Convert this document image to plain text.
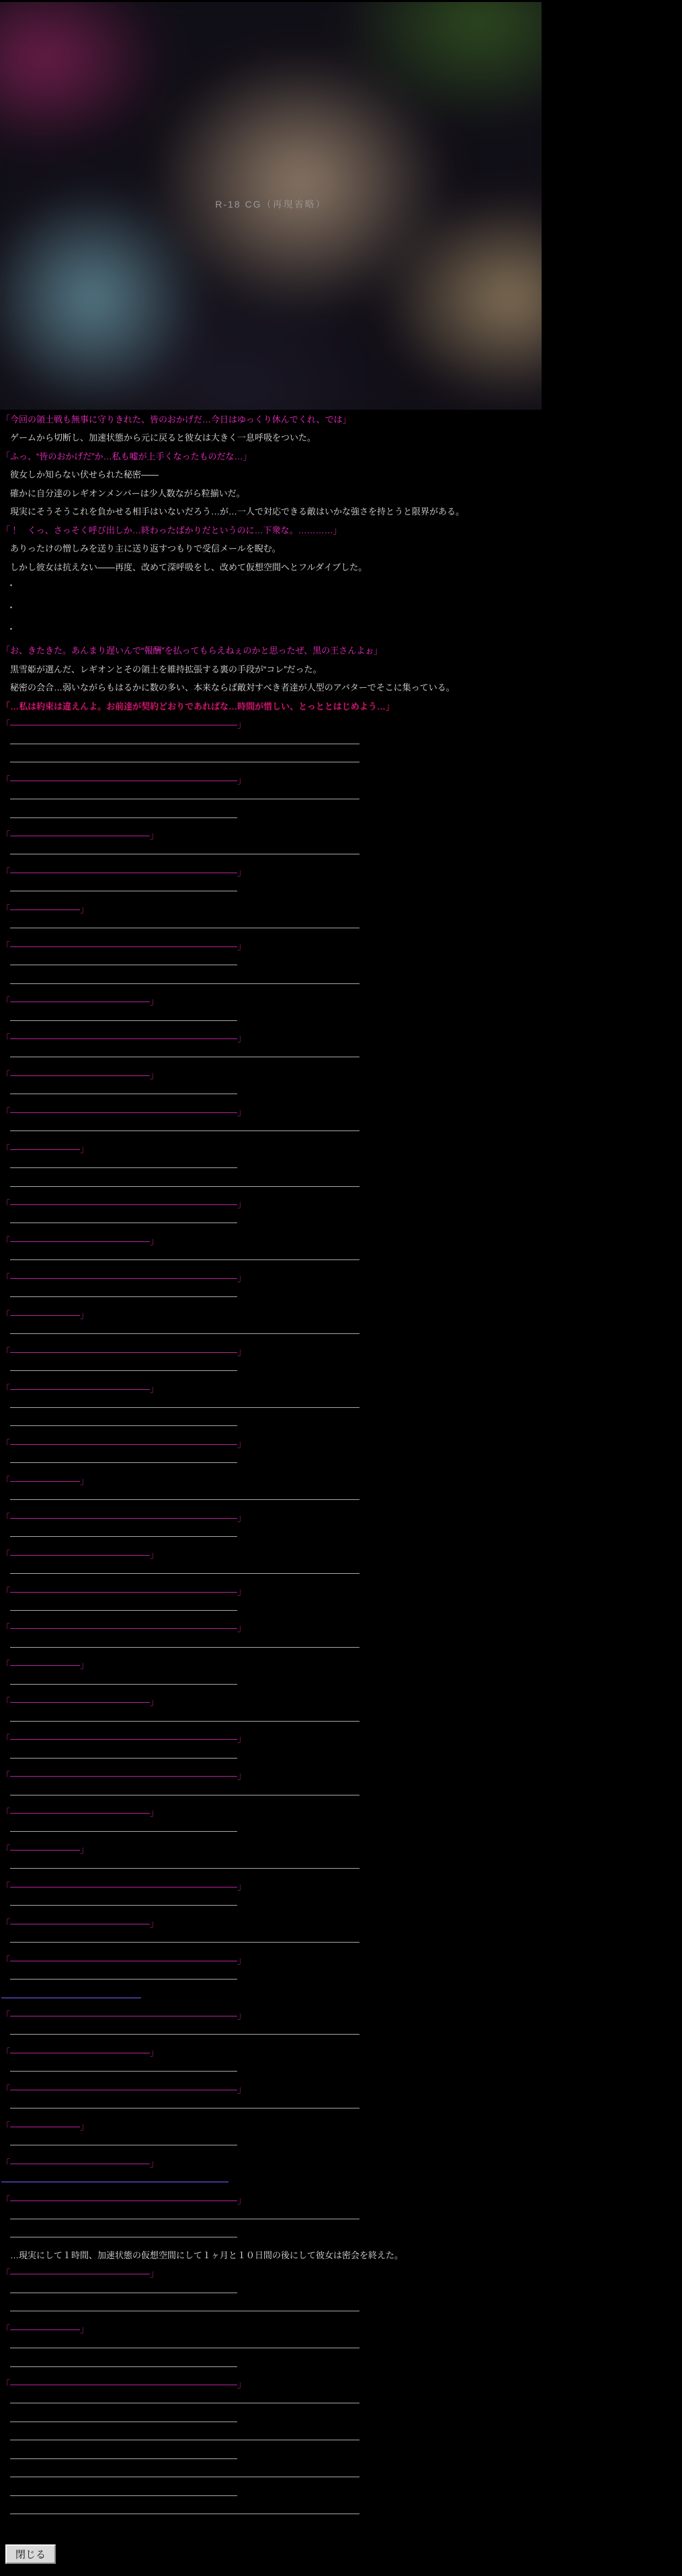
R-18 CG（再現省略）
「今回の領土戦も無事に守りきれた、皆のおかげだ…今日はゆっくり休んでくれ、では」
　ゲームから切断し、加速状態から元に戻ると彼女は大きく一息呼吸をついた。
「ふっ、“皆のおかげだ”か…私も嘘が上手くなったものだな…」
　彼女しか知らない伏せられた秘密――
　確かに自分達のレギオンメンバーは少人数ながら粒揃いだ。
　現実にそうそうこれを負かせる相手はいないだろう…が…一人で対応できる敵はいかな強さを持とうと限界がある。
「！　くっ、さっそく呼び出しか…終わったばかりだというのに…下衆な。…………」
　ありったけの憎しみを送り主に送り返すつもりで受信メールを睨む。
　しかし彼女は抗えない――再度、改めて深呼吸をし、改めて仮想空間へとフルダイブした。
・
・
・
「お、きたきた。あんまり遅いんで“報酬”を払ってもらえねぇのかと思ったぜ、黒の王さんよぉ」
　黒雪姫が選んだ、レギオンとその領土を維持拡張する裏の手段が“コレ”だった。
　秘密の会合…弱いながらもはるかに数の多い、本来ならば敵対すべき者達が人型のアバターでそこに集っている。
「…私は約束は違えんよ。お前達が契約どおりであればな…時間が惜しい、とっととはじめよう…」
「――――――――――――――――――――――――――」
　――――――――――――――――――――――――――――――――――――――――
　――――――――――――――――――――――――――――――――――――――――
「――――――――――――――――――――――――――」
　――――――――――――――――――――――――――――――――――――――――
　――――――――――――――――――――――――――
「――――――――――――――――」
　――――――――――――――――――――――――――――――――――――――――
「――――――――――――――――――――――――――」
　――――――――――――――――――――――――――
「――――――――」
　――――――――――――――――――――――――――――――――――――――――
「――――――――――――――――――――――――――」
　――――――――――――――――――――――――――
　――――――――――――――――――――――――――――――――――――――――
「――――――――――――――――」
　――――――――――――――――――――――――――
「――――――――――――――――――――――――――」
　――――――――――――――――――――――――――――――――――――――――
「――――――――――――――――」
　――――――――――――――――――――――――――
「――――――――――――――――――――――――――」
　――――――――――――――――――――――――――――――――――――――――
「――――――――」
　――――――――――――――――――――――――――
　――――――――――――――――――――――――――――――――――――――――
「――――――――――――――――――――――――――」
　――――――――――――――――――――――――――
「――――――――――――――――」
　――――――――――――――――――――――――――――――――――――――――
「――――――――――――――――――――――――――」
　――――――――――――――――――――――――――
「――――――――」
　――――――――――――――――――――――――――――――――――――――――
「――――――――――――――――――――――――――」
　――――――――――――――――――――――――――
「――――――――――――――――」
　――――――――――――――――――――――――――――――――――――――――
　――――――――――――――――――――――――――
「――――――――――――――――――――――――――」
　――――――――――――――――――――――――――
「――――――――」
　――――――――――――――――――――――――――――――――――――――――
「――――――――――――――――――――――――――」
　――――――――――――――――――――――――――
「――――――――――――――――」
　――――――――――――――――――――――――――――――――――――――――
「――――――――――――――――――――――――――」
　――――――――――――――――――――――――――
「――――――――――――――――――――――――――」
　――――――――――――――――――――――――――――――――――――――――
「――――――――」
　――――――――――――――――――――――――――
「――――――――――――――――」
　――――――――――――――――――――――――――――――――――――――――
「――――――――――――――――――――――――――」
　――――――――――――――――――――――――――
「――――――――――――――――――――――――――」
　――――――――――――――――――――――――――――――――――――――――
「――――――――――――――――」
　――――――――――――――――――――――――――
「――――――――」
　――――――――――――――――――――――――――――――――――――――――
「――――――――――――――――――――――――――」
　――――――――――――――――――――――――――
「――――――――――――――――」
　――――――――――――――――――――――――――――――――――――――――
「――――――――――――――――――――――――――」
　――――――――――――――――――――――――――
――――――――――――――――
「――――――――――――――――――――――――――」
　――――――――――――――――――――――――――――――――――――――――
「――――――――――――――――」
　――――――――――――――――――――――――――
「――――――――――――――――――――――――――」
　――――――――――――――――――――――――――――――――――――――――
「――――――――」
　――――――――――――――――――――――――――
「――――――――――――――――」
――――――――――――――――――――――――――
「――――――――――――――――――――――――――」
　――――――――――――――――――――――――――――――――――――――――
　――――――――――――――――――――――――――
　…現実にして１時間、加速状態の仮想空間にして１ヶ月と１０日間の後にして彼女は密会を終えた。
「――――――――――――――――」
　――――――――――――――――――――――――――
　――――――――――――――――――――――――――――――――――――――――
「――――――――」
　――――――――――――――――――――――――――――――――――――――――
　――――――――――――――――――――――――――
「――――――――――――――――――――――――――」
　――――――――――――――――――――――――――――――――――――――――
　――――――――――――――――――――――――――
　――――――――――――――――――――――――――――――――――――――――
　――――――――――――――――――――――――――
　――――――――――――――――――――――――――――――――――――――――
　――――――――――――――――――――――――――
　――――――――――――――――――――――――――――――――――――――――
閉じる
